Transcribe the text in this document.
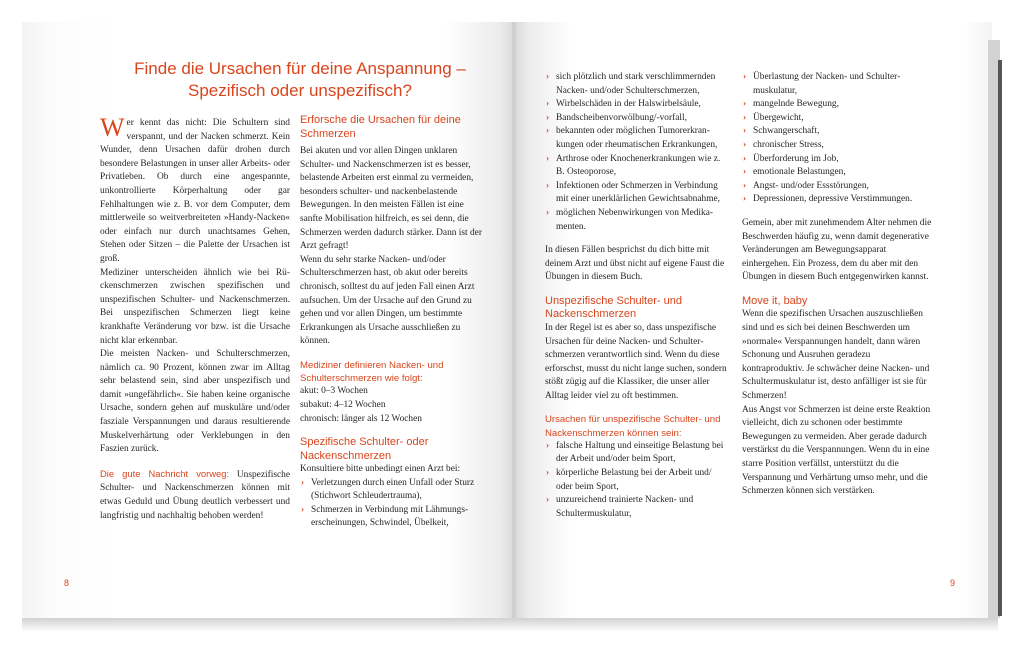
Finde die Ursachen für deine Anspannung –
Spezifisch oder unspezifisch?

Wer kennt das nicht: Die Schultern sind verspannt, und der Nacken schmerzt. Kein Wunder, denn Ursachen dafür drohen durch besondere Belastungen in unser aller Arbeits- oder Privatleben. Ob durch eine angespannte, unkontrollierte Körperhaltung oder gar Fehlhaltungen wie z. B. vor dem Computer, dem mittlerweile so weitverbreiteten »Handy-Nacken« oder einfach nur durch unachtsames Gehen, Stehen oder Sitzen – die Palette der Ursachen ist groß.

Mediziner unterscheiden ähnlich wie bei Rückenschmerzen zwischen spezifischen und unspezifischen Schulter- und Nackenschmerzen. Bei unspezifischen Schmerzen liegt keine krankhafte Veränderung vor bzw. ist die Ursache nicht klar erkennbar.

Die meisten Nacken- und Schulterschmerzen, nämlich ca. 90 Prozent, können zwar im Alltag sehr belastend sein, sind aber unspezifisch und damit »ungefährlich«. Sie haben keine organische Ursache, sondern gehen auf muskuläre und/oder fasziale Verspannungen und daraus resultierende Muskelverhärtung oder Verklebungen in den Faszien zurück.

Die gute Nachricht vorweg: Unspezifische Schulter- und Nackenschmerzen können mit etwas Geduld und Übung deutlich verbessert und langfristig und nachhaltig behoben werden!

Erforsche die Ursachen für deine Schmerzen

Bei akuten und vor allen Dingen unklaren Schulter- und Nackenschmerzen ist es besser, belastende Arbeiten erst einmal zu vermeiden, besonders schulter- und nackenbelastende Bewegungen. In den meisten Fällen ist eine sanfte Mobilisation hilfreich, es sei denn, die Schmerzen werden dadurch stärker. Dann ist der Arzt gefragt!

Wenn du sehr starke Nacken- und/oder Schulterschmerzen hast, ob akut oder bereits chronisch, solltest du auf jeden Fall einen Arzt aufsuchen. Um der Ursache auf den Grund zu gehen und vor allen Dingen, um bestimmte Erkrankungen als Ursache ausschließen zu können.

Mediziner definieren Nacken- und Schulterschmerzen wie folgt:

akut: 0–3 Wochen

subakut: 4–12 Wochen

chronisch: länger als 12 Wochen

Spezifische Schulter- oder Nackenschmerzen

Konsultiere bitte unbedingt einen Arzt bei:

› Verletzungen durch einen Unfall oder Sturz (Stichwort Schleudertrauma),
› Schmerzen in Verbindung mit Lähmungserscheinungen, Schwindel, Übelkeit,
› sich plötzlich und stark verschlimmernden Nacken- und/oder Schulterschmerzen,
› Wirbelschäden in der Halswirbelsäule,
› Bandscheibenvorwölbung/-vorfall,
› bekannten oder möglichen Tumorerkrankungen oder rheumatischen Erkrankungen,
› Arthrose oder Knochenerkrankungen wie z. B. Osteoporose,
› Infektionen oder Schmerzen in Verbindung mit einer unerklärlichen Gewichtsabnahme,
› möglichen Nebenwirkungen von Medikamenten.

In diesen Fällen besprichst du dich bitte mit deinem Arzt und übst nicht auf eigene Faust die Übungen in diesem Buch.

Unspezifische Schulter- und Nackenschmerzen

In der Regel ist es aber so, dass unspezifische Ursachen für deine Nacken- und Schulterschmerzen verantwortlich sind. Wenn du diese erforschst, musst du nicht lange suchen, sondern stößt zügig auf die Klassiker, die unser aller Alltag leider viel zu oft bestimmen.

Ursachen für unspezifische Schulter- und Nackenschmerzen können sein:
› falsche Haltung und einseitige Belastung bei der Arbeit und/oder beim Sport,
› körperliche Belastung bei der Arbeit und/ oder beim Sport,
› unzureichend trainierte Nacken- und Schultermuskulatur,
› Überlastung der Nacken- und Schultermuskulatur,
› mangelnde Bewegung,
› Übergewicht,
› Schwangerschaft,
› chronischer Stress,
› Überforderung im Job,
› emotionale Belastungen,
› Angst- und/oder Essstörungen,
› Depressionen, depressive Verstimmungen.

Gemein, aber mit zunehmendem Alter nehmen die Beschwerden häufig zu, wenn damit degenerative Veränderungen am Bewegungsapparat einhergehen. Ein Prozess, dem du aber mit den Übungen in diesem Buch entgegenwirken kannst.

Move it, baby

Wenn die spezifischen Ursachen auszuschließen sind und es sich bei deinen Beschwerden um »normale« Verspannungen handelt, dann wären Schonung und Ausruhen geradezu kontraproduktiv. Je schwächer deine Nacken- und Schultermuskulatur ist, desto anfälliger ist sie für Schmerzen!

Aus Angst vor Schmerzen ist deine erste Reaktion vielleicht, dich zu schonen oder bestimmte Bewegungen zu vermeiden. Aber gerade dadurch verstärkst du die Verspannungen. Wenn du in eine starre Position verfällst, unterstützt du die Verspannung und Verhärtung umso mehr, und die Schmerzen können sich verstärken.

8	9
